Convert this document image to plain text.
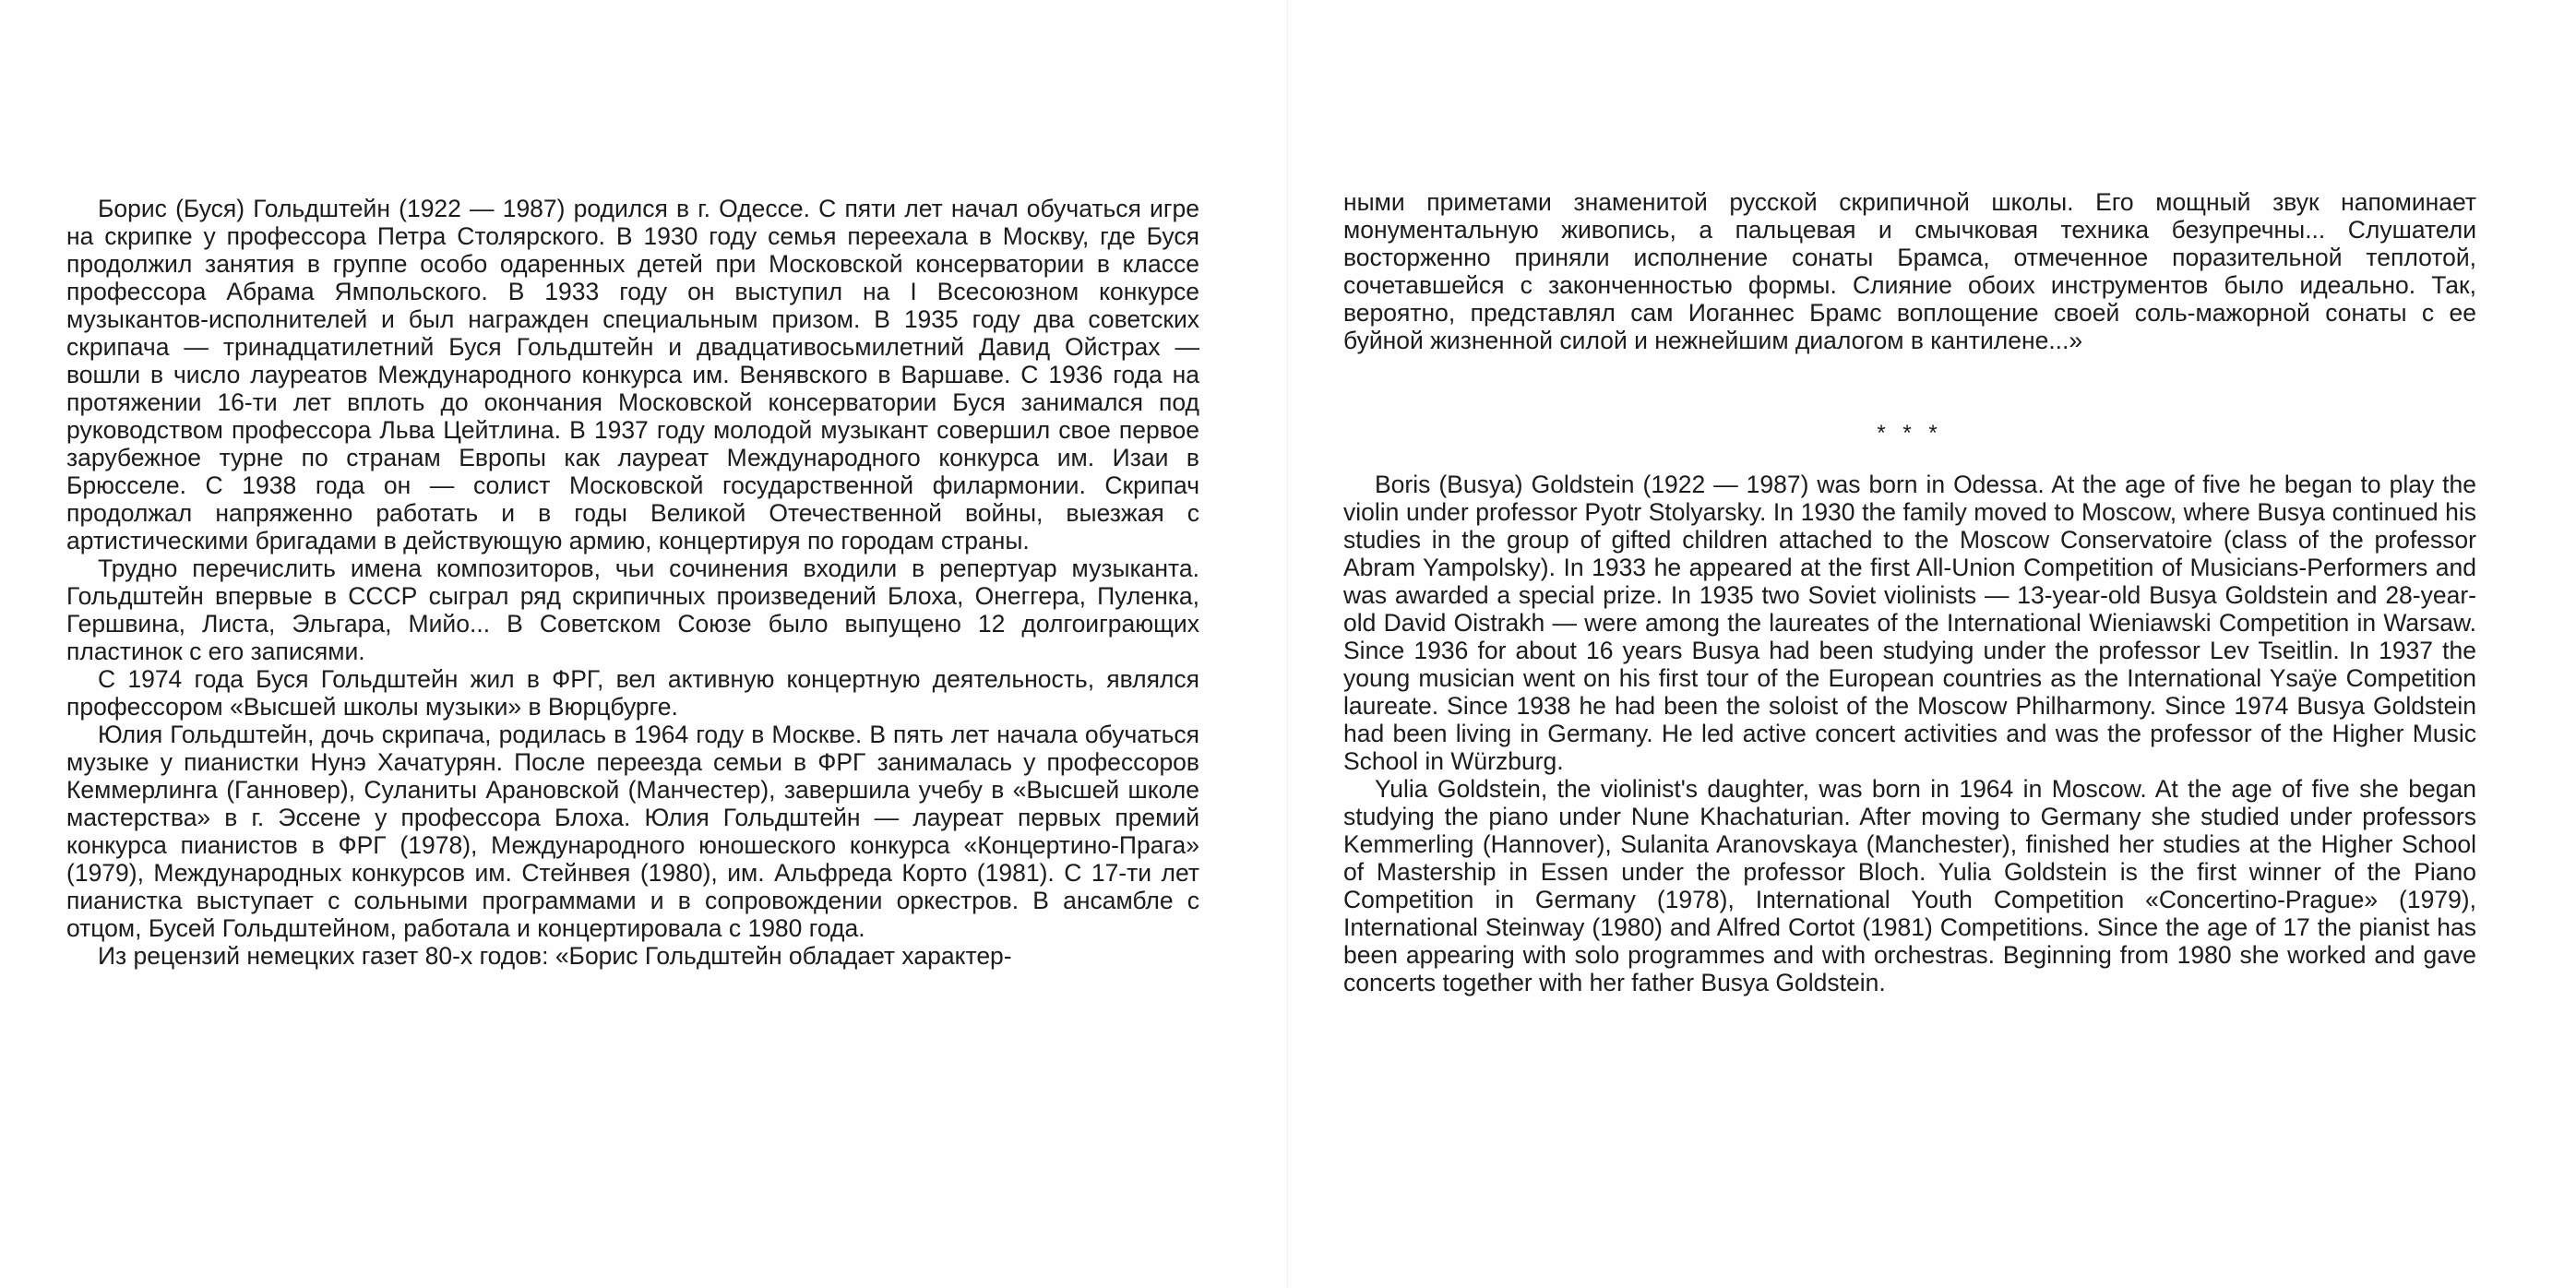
Борис (Буся) Гольдштейн (1922 — 1987) родился в г. Одессе. С пяти лет начал обучаться игре на скрипке у профессора Петра Столярского. В 1930 году семья переехала в Москву, где Буся продолжил занятия в группе особо одаренных детей при Московской консерватории в классе профессора Абрама Ямпольского. В 1933 году он выступил на I Всесоюзном конкурсе музыкантов-исполнителей и был награжден специальным призом. В 1935 году два советских скрипача — тринадцатилетний Буся Гольдштейн и двадцативосьмилетний Давид Ойстрах — вошли в число лауреатов Международного конкурса им. Венявского в Варшаве. С 1936 года на протяжении 16-ти лет вплоть до окончания Московской консерватории Буся занимался под руководством профессора Льва Цейтлина. В 1937 году молодой музыкант совершил свое первое зарубежное турне по странам Европы как лауреат Международного конкурса им. Изаи в Брюсселе. С 1938 года он — солист Московской государственной филармонии. Скрипач продолжал напряженно работать и в годы Великой Отечественной войны, выезжая с артистическими бригадами в действующую армию, концертируя по городам страны.

Трудно перечислить имена композиторов, чьи сочинения входили в репертуар музыканта. Гольдштейн впервые в СССР сыграл ряд скрипичных произведений Блоха, Онеггера, Пуленка, Гершвина, Листа, Эльгара, Мийо... В Советском Союзе было выпущено 12 долгоиграющих пластинок с его записями.

С 1974 года Буся Гольдштейн жил в ФРГ, вел активную концертную деятельность, являлся профессором «Высшей школы музыки» в Вюрцбурге.

Юлия Гольдштейн, дочь скрипача, родилась в 1964 году в Москве. В пять лет начала обучаться музыке у пианистки Нунэ Хачатурян. После переезда семьи в ФРГ занималась у профессоров Кеммерлинга (Ганновер), Суланиты Арановской (Манчестер), завершила учебу в «Высшей школе мастерства» в г. Эссене у профессора Блоха. Юлия Гольдштейн — лауреат первых премий конкурса пианистов в ФРГ (1978), Международного юношеского конкурса «Концертино-Прага» (1979), Международных конкурсов им. Стейнвея (1980), им. Альфреда Корто (1981). С 17-ти лет пианистка выступает с сольными программами и в сопровождении оркестров. В ансамбле с отцом, Бусей Гольдштейном, работала и концертировала с 1980 года.

Из рецензий немецких газет 80-х годов: «Борис Гольдштейн обладает характер-

ными приметами знаменитой русской скрипичной школы. Его мощный звук напоминает монументальную живопись, а пальцевая и смычковая техника безупречны... Слушатели восторженно приняли исполнение сонаты Брамса, отмеченное поразительной теплотой, сочетавшейся с законченностью формы. Слияние обоих инструментов было идеально. Так, вероятно, представлял сам Иоганнес Брамс воплощение своей соль-мажорной сонаты с ее буйной жизненной силой и нежнейшим диалогом в кантилене...»

* * *

Boris (Busya) Goldstein (1922 — 1987) was born in Odessa. At the age of five he began to play the violin under professor Pyotr Stolyarsky. In 1930 the family moved to Moscow, where Busya continued his studies in the group of gifted children attached to the Moscow Conservatoire (class of the professor Abram Yampolsky). In 1933 he appeared at the first All-Union Competition of Musicians-Performers and was awarded a special prize. In 1935 two Soviet violinists — 13-year-old Busya Goldstein and 28-year-old David Oistrakh — were among the laureates of the International Wieniawski Competition in Warsaw. Since 1936 for about 16 years Busya had been studying under the professor Lev Tseitlin. In 1937 the young musician went on his first tour of the European countries as the International Ysaÿe Competition laureate. Since 1938 he had been the soloist of the Moscow Philharmony. Since 1974 Busya Goldstein had been living in Germany. He led active concert activities and was the professor of the Higher Music School in Würzburg.

Yulia Goldstein, the violinist's daughter, was born in 1964 in Moscow. At the age of five she began studying the piano under Nune Khachaturian. After moving to Germany she studied under professors Kemmerling (Hannover), Sulanita Aranovskaya (Manchester), finished her studies at the Higher School of Mastership in Essen under the professor Bloch. Yulia Goldstein is the first winner of the Piano Competition in Germany (1978), International Youth Competition «Concertino-Prague» (1979), International Steinway (1980) and Alfred Cortot (1981) Competitions. Since the age of 17 the pianist has been appearing with solo programmes and with orchestras. Beginning from 1980 she worked and gave concerts together with her father Busya Goldstein.
